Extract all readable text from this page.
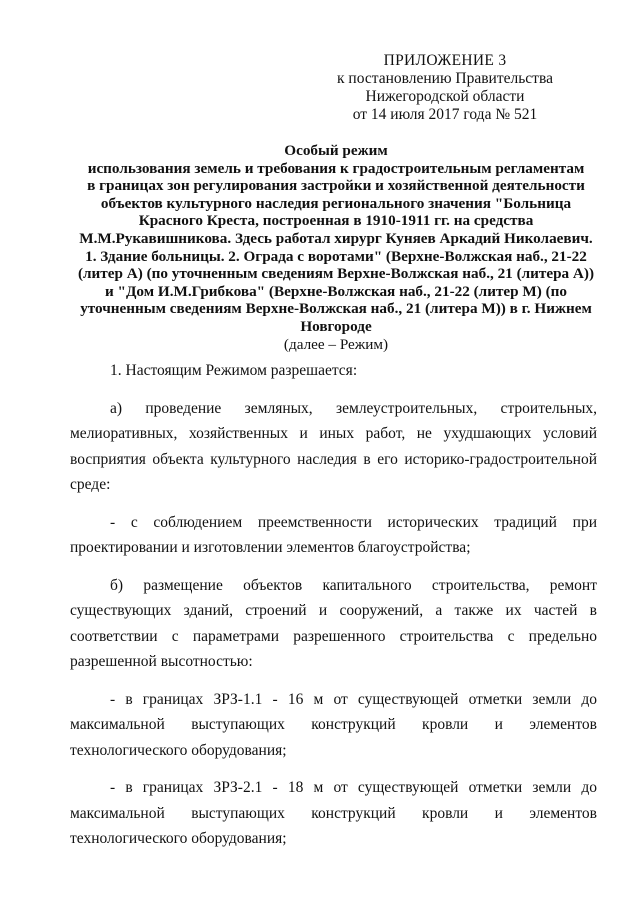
ПРИЛОЖЕНИЕ 3
к постановлению Правительства
Нижегородской области
от 14 июля 2017 года № 521
Особый режим
использования земель и требования к градостроительным регламентам
в границах зон регулирования застройки и хозяйственной деятельности
объектов культурного наследия регионального значения "Больница
Красного Креста, построенная в 1910-1911 гг. на средства
М.М.Рукавишникова. Здесь работал хирург Куняев Аркадий Николаевич.
1. Здание больницы. 2. Ограда с воротами" (Верхне-Волжская наб., 21-22
(литер А) (по уточненным сведениям Верхне-Волжская наб., 21 (литера А))
и "Дом И.М.Грибкова" (Верхне-Волжская наб., 21-22 (литер М) (по
уточненным сведениям Верхне-Волжская наб., 21 (литера М)) в г. Нижнем
Новгороде
(далее – Режим)

1. Настоящим Режимом разрешается:

а) проведение земляных, землеустроительных, строительных, мелиоративных, хозяйственных и иных работ, не ухудшающих условий восприятия объекта культурного наследия в его историко-градостроительной среде:

- с соблюдением преемственности исторических традиций при проектировании и изготовлении элементов благоустройства;

б) размещение объектов капитального строительства, ремонт существующих зданий, строений и сооружений, а также их частей в соответствии с параметрами разрешенного строительства с предельно разрешенной высотностью:

- в границах ЗРЗ-1.1 - 16 м от существующей отметки земли до максимальной выступающих конструкций кровли и элементов технологического оборудования;

- в границах ЗРЗ-2.1 - 18 м от существующей отметки земли до максимальной выступающих конструкций кровли и элементов технологического оборудования;
